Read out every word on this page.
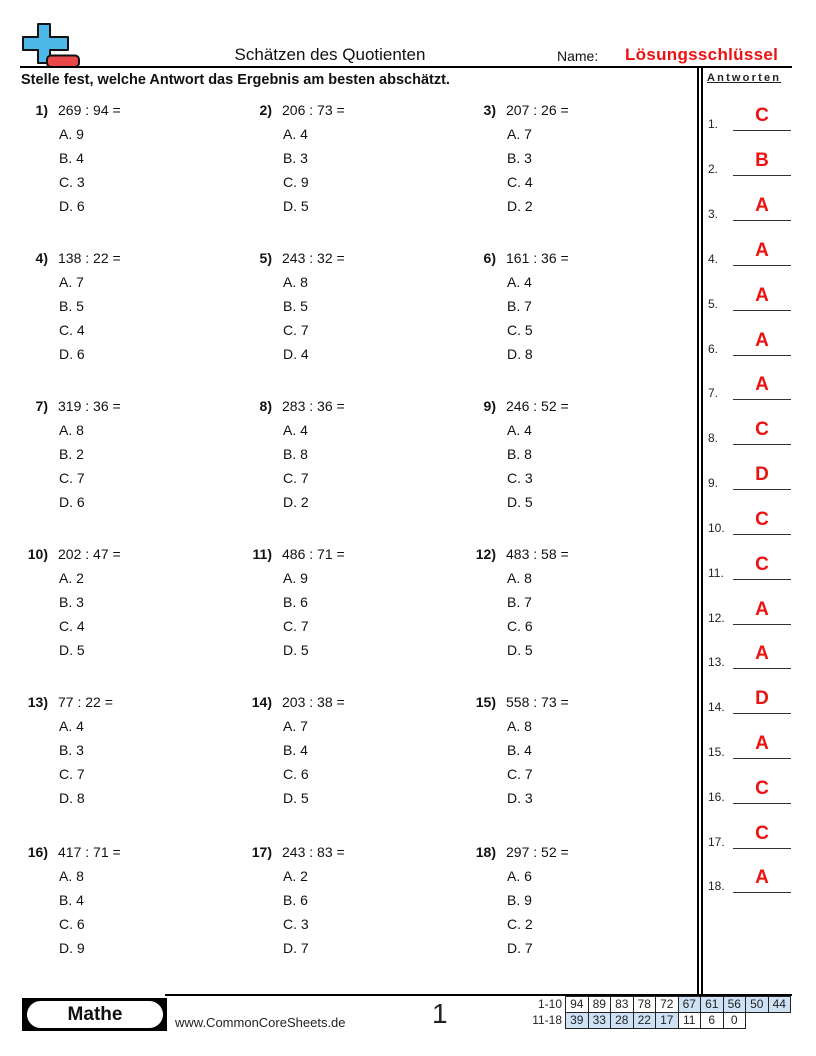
Schätzen des Quotienten	Name: Lösungsschlüssel
Stelle fest, welche Antwort das Ergebnis am besten abschätzt.	Antworten
1) 269 : 94 =
A. 9
B. 4
C. 3
D. 6
2) 206 : 73 =
A. 4
B. 3
C. 9
D. 5
3) 207 : 26 =
A. 7
B. 3
C. 4
D. 2
4) 138 : 22 =
A. 7
B. 5
C. 4
D. 6
5) 243 : 32 =
A. 8
B. 5
C. 7
D. 4
6) 161 : 36 =
A. 4
B. 7
C. 5
D. 8
7) 319 : 36 =
A. 8
B. 2
C. 7
D. 6
8) 283 : 36 =
A. 4
B. 8
C. 7
D. 2
9) 246 : 52 =
A. 4
B. 8
C. 3
D. 5
10) 202 : 47 =
A. 2
B. 3
C. 4
D. 5
11) 486 : 71 =
A. 9
B. 6
C. 7
D. 5
12) 483 : 58 =
A. 8
B. 7
C. 6
D. 5
13) 77 : 22 =
A. 4
B. 3
C. 7
D. 8
14) 203 : 38 =
A. 7
B. 4
C. 6
D. 5
15) 558 : 73 =
A. 8
B. 4
C. 7
D. 3
16) 417 : 71 =
A. 8
B. 4
C. 6
D. 9
17) 243 : 83 =
A. 2
B. 6
C. 3
D. 7
18) 297 : 52 =
A. 6
B. 9
C. 2
D. 7
1.	C
2.	B
3.	A
4.	A
5.	A
6.	A
7.	A
8.	C
9.	D
10.	C
11.	C
12.	A
13.	A
14.	D
15.	A
16.	C
17.	C
18.	A
Mathe	www.CommonCoreSheets.de	1	1-10	94	89	83	78	72	67	61	56	50	44
11-18	39	33	28	22	17	11	6	0		
